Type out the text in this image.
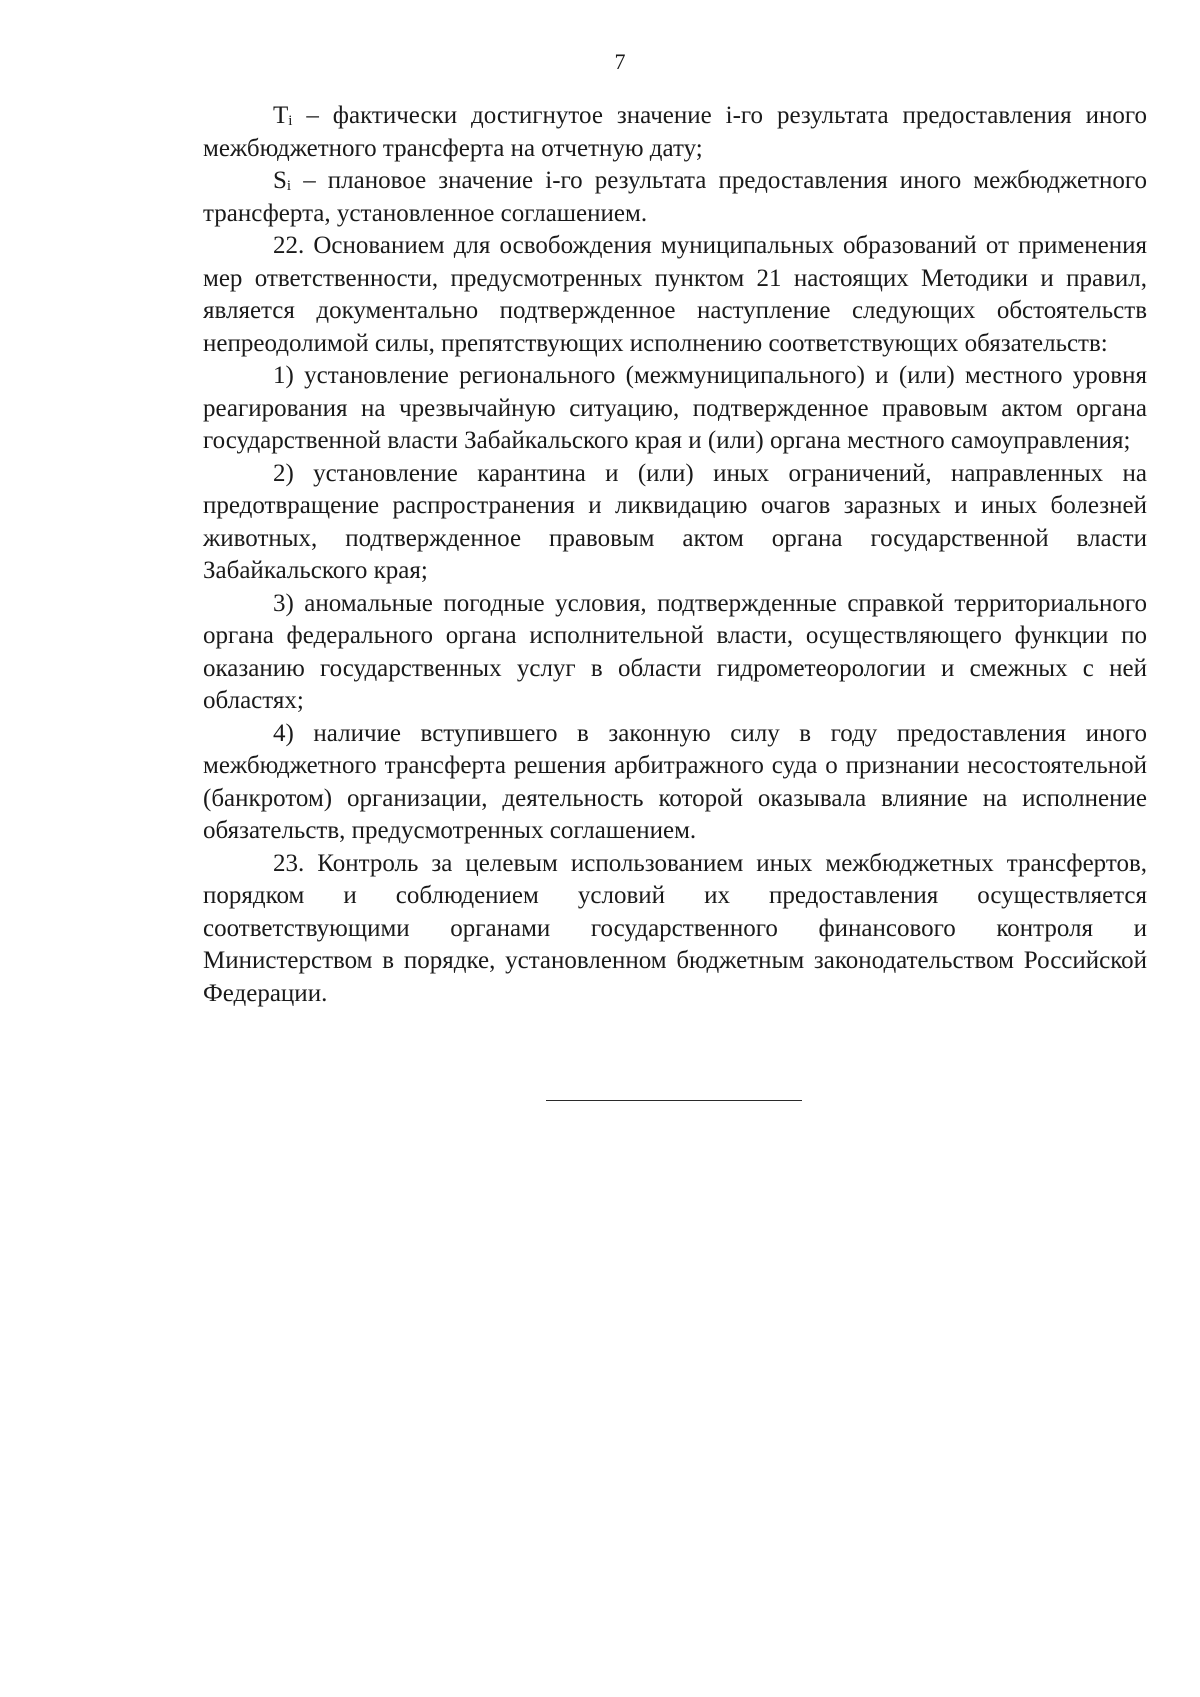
7

$T_i$ – фактически достигнутое значение i-го результата предоставления иного межбюджетного трансферта на отчетную дату;

$S_i$ – плановое значение i-го результата предоставления иного межбюджетного трансферта, установленное соглашением.

22. Основанием для освобождения муниципальных образований от применения мер ответственности, предусмотренных пунктом 21 настоящих Методики и правил, является документально подтвержденное наступление следующих обстоятельств непреодолимой силы, препятствующих исполнению соответствующих обязательств:

1) установление регионального (межмуниципального) и (или) местного уровня реагирования на чрезвычайную ситуацию, подтвержденное правовым актом органа государственной власти Забайкальского края и (или) органа местного самоуправления;

2) установление карантина и (или) иных ограничений, направленных на предотвращение распространения и ликвидацию очагов заразных и иных болезней животных, подтвержденное правовым актом органа государственной власти Забайкальского края;

3) аномальные погодные условия, подтвержденные справкой территориального органа федерального органа исполнительной власти, осуществляющего функции по оказанию государственных услуг в области гидрометеорологии и смежных с ней областях;

4) наличие вступившего в законную силу в году предоставления иного межбюджетного трансферта решения арбитражного суда о признании несостоятельной (банкротом) организации, деятельность которой оказывала влияние на исполнение обязательств, предусмотренных соглашением.

23. Контроль за целевым использованием иных межбюджетных трансфертов, порядком и соблюдением условий их предоставления осуществляется соответствующими органами государственного финансового контроля и Министерством в порядке, установленном бюджетным законодательством Российской Федерации.
